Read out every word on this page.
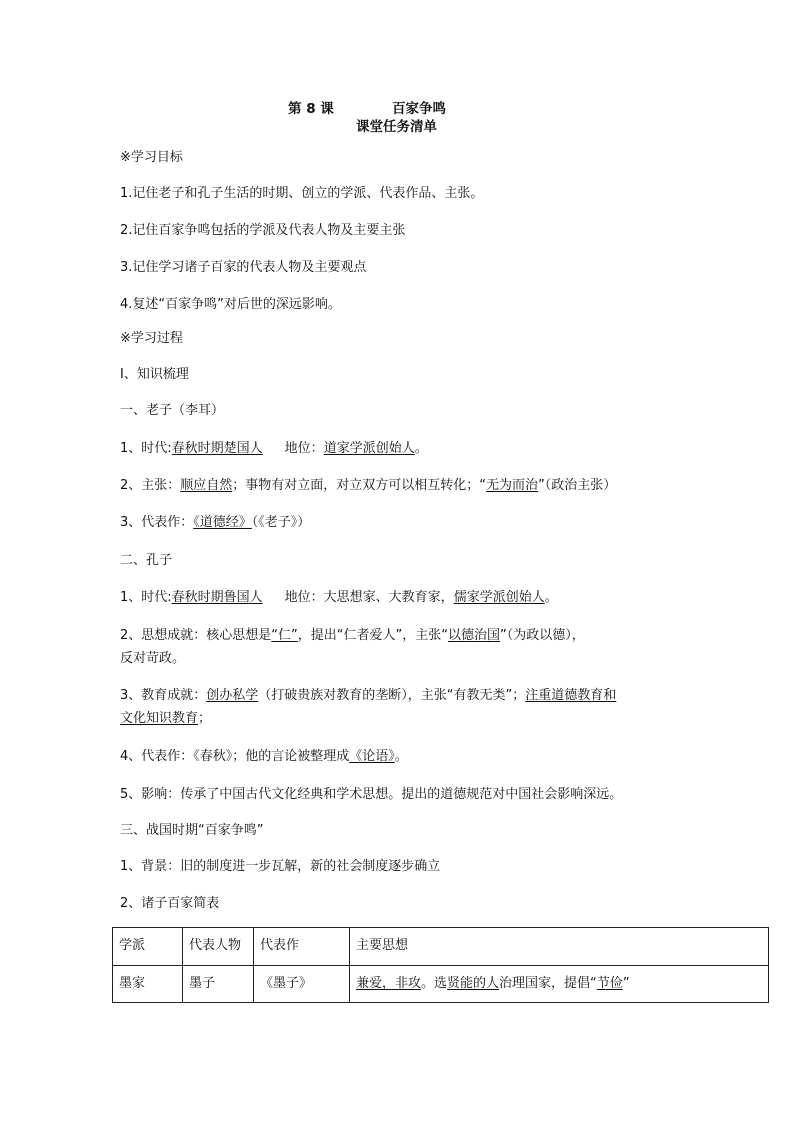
第 8 课	百家争鸣
课堂任务清单
※学习目标
1.记住老子和孔子生活的时期、创立的学派、代表作品、主张。
2.记住百家争鸣包括的学派及代表人物及主要主张
3.记住学习诸子百家的代表人物及主要观点
4.复述“百家争鸣”对后世的深远影响。
※学习过程
Ⅰ、知识梳理
一、老子（李耳）
1、时代:春秋时期楚国人 地位：道家学派创始人。
2、主张：顺应自然；事物有对立面，对立双方可以相互转化；“无为而治”（政治主张）
3、代表作：《道德经》（《老子》）
二、孔子
1、时代:春秋时期鲁国人 地位：大思想家、大教育家，儒家学派创始人。
2、思想成就：核心思想是“仁”，提出“仁者爱人”，主张“以德治国”（为政以德），
反对苛政。
3、教育成就：创办私学（打破贵族对教育的垄断），主张“有教无类”；注重道德教育和
文化知识教育；
4、代表作：《春秋》；他的言论被整理成《论语》。
5、影响：传承了中国古代文化经典和学术思想。提出的道德规范对中国社会影响深远。
三、战国时期“百家争鸣”
1、背景：旧的制度进一步瓦解，新的社会制度逐步确立
2、诸子百家简表
学派	代表人物	代表作	主要思想
墨家	墨子	《墨子》	兼爱，非攻。选贤能的人治理国家，提倡“节俭”
